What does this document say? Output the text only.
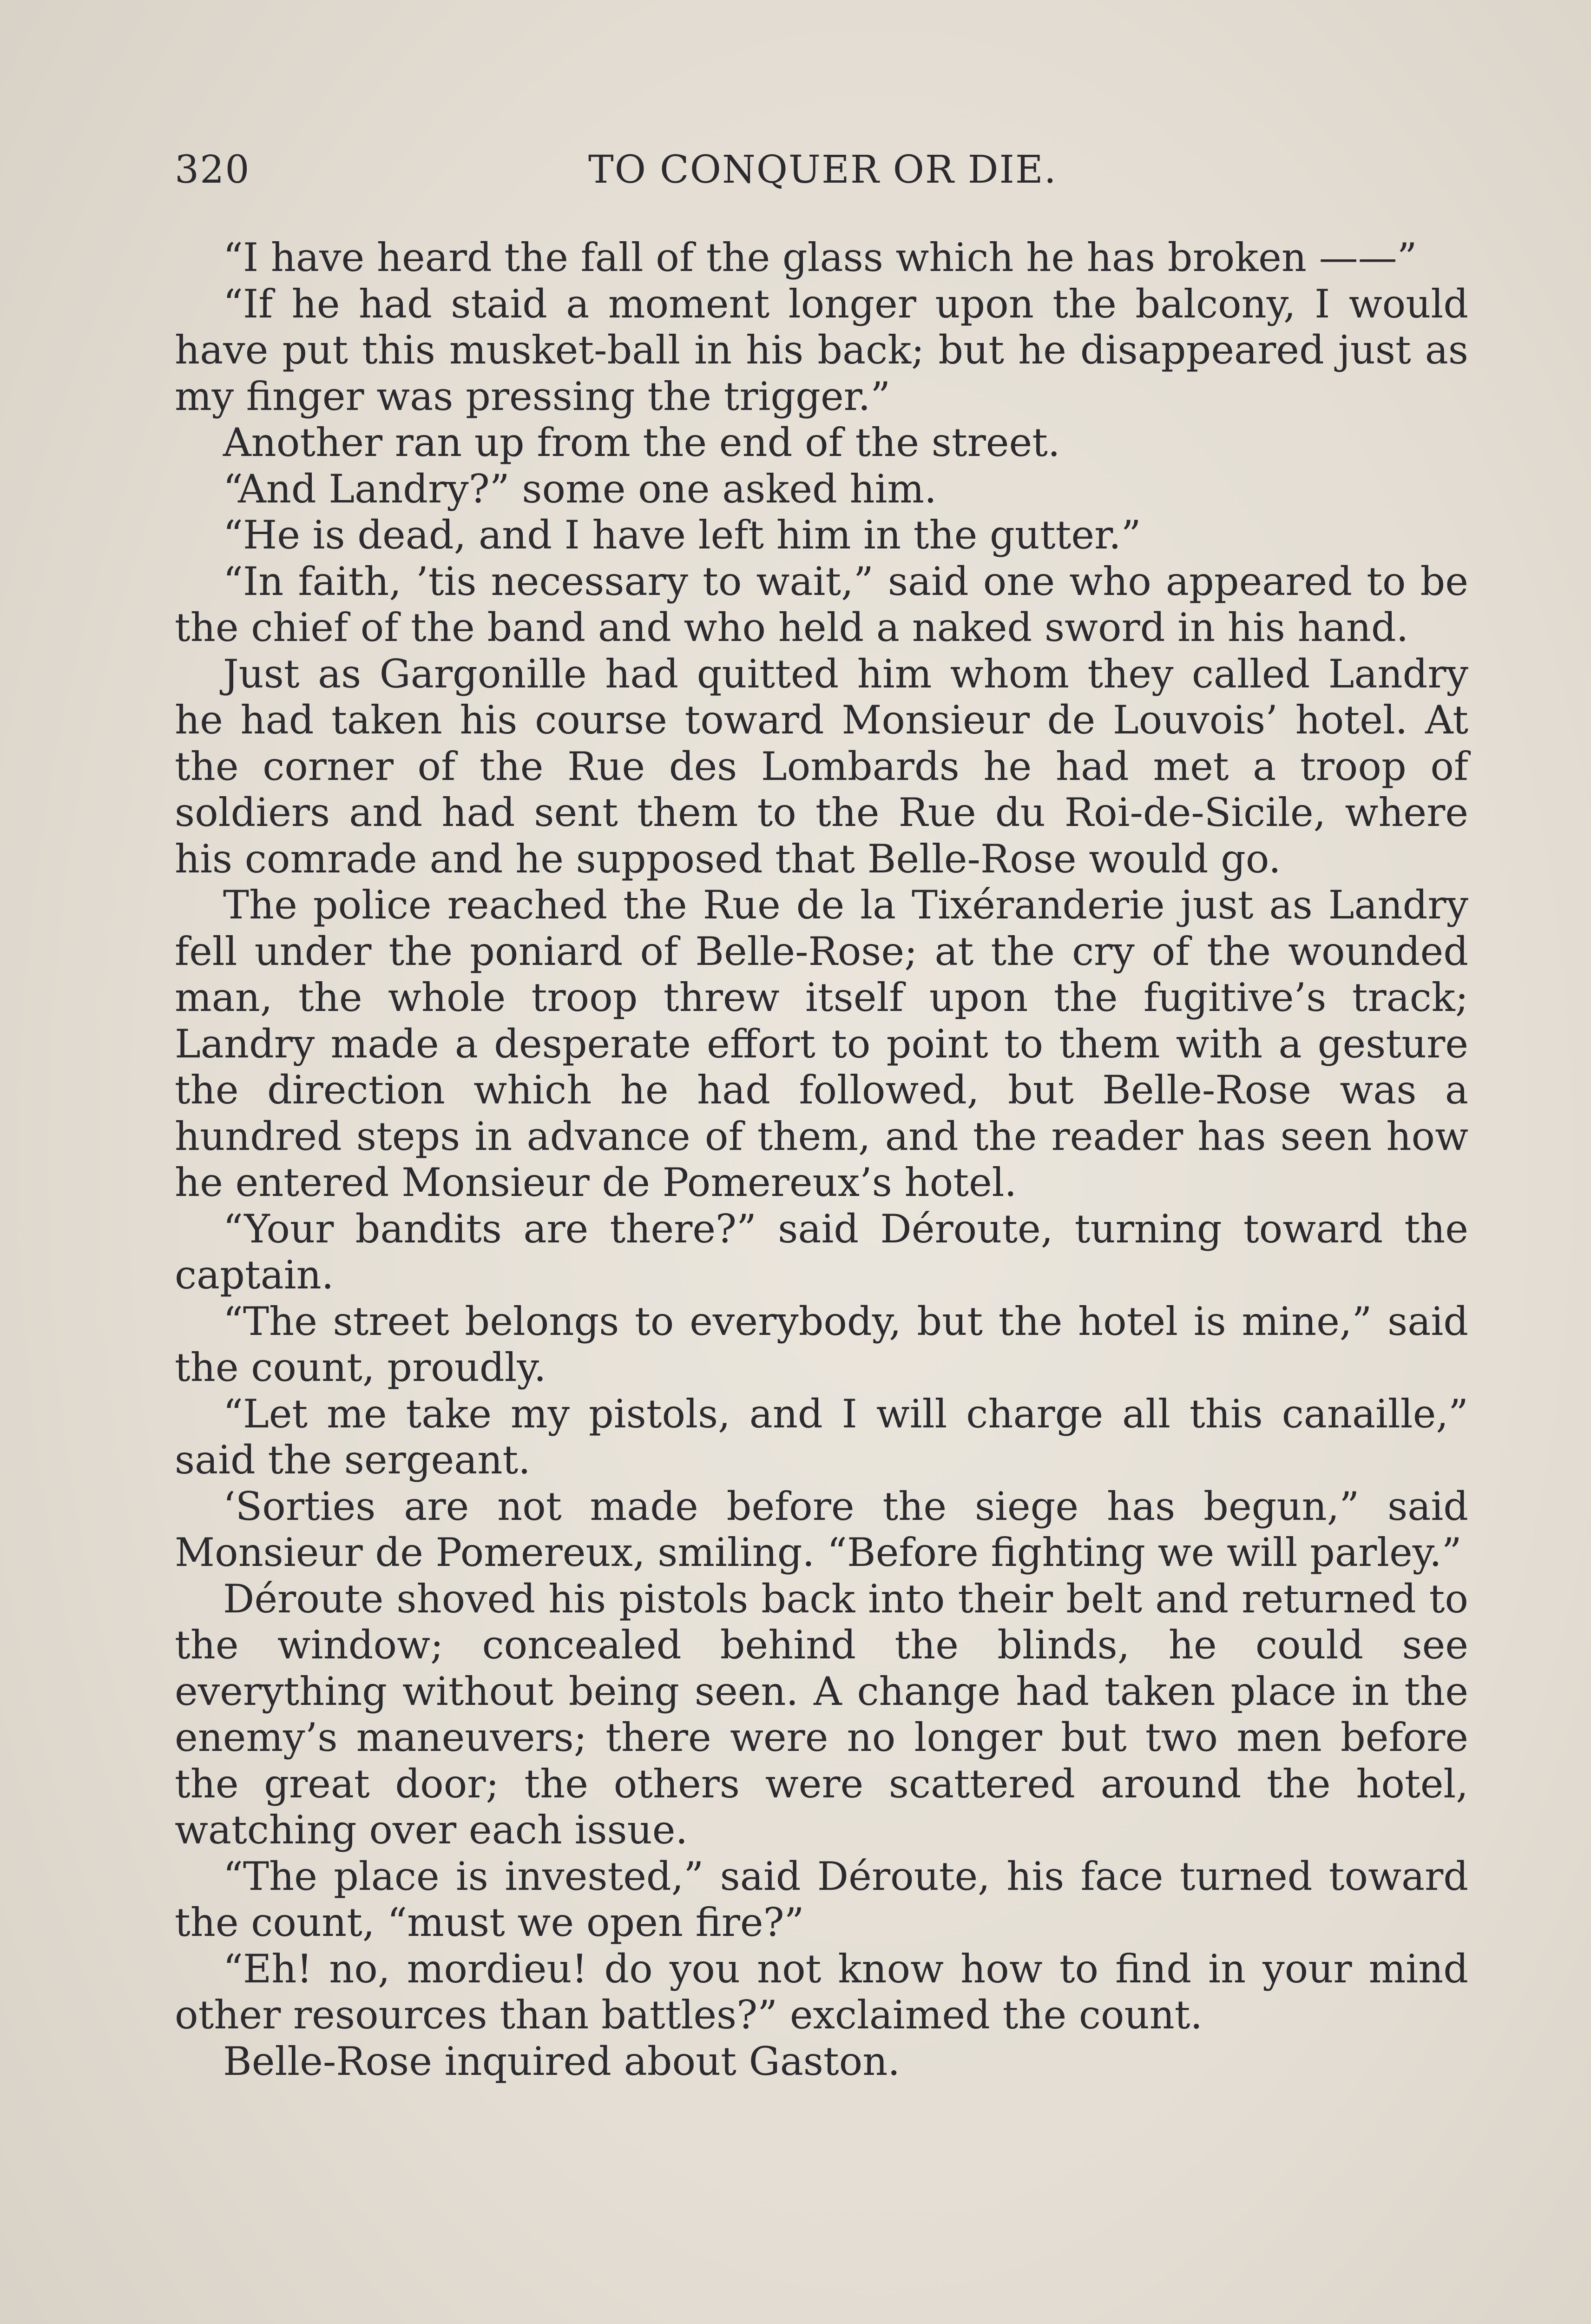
320	TO CONQUER OR DIE.

“I have heard the fall of the glass which he has broken ——”

“If he had staid a moment longer upon the balcony, I would have put this musket-ball in his back; but he disappeared just as my finger was pressing the trigger.”

Another ran up from the end of the street.

“And Landry?” some one asked him.

“He is dead, and I have left him in the gutter.”

“In faith, ’tis necessary to wait,” said one who appeared to be the chief of the band and who held a naked sword in his hand.

Just as Gargonille had quitted him whom they called Landry he had taken his course toward Monsieur de Louvois’ hotel. At the corner of the Rue des Lombards he had met a troop of soldiers and had sent them to the Rue du Roi-de-Sicile, where his comrade and he supposed that Belle-Rose would go.

The police reached the Rue de la Tixéranderie just as Landry fell under the poniard of Belle-Rose; at the cry of the wounded man, the whole troop threw itself upon the fugitive’s track; Landry made a desperate effort to point to them with a gesture the direction which he had followed, but Belle-Rose was a hundred steps in advance of them, and the reader has seen how he entered Monsieur de Pomereux’s hotel.

“Your bandits are there?” said Déroute, turning toward the captain.

“The street belongs to everybody, but the hotel is mine,” said the count, proudly.

“Let me take my pistols, and I will charge all this canaille,” said the sergeant.

‘Sorties are not made before the siege has begun,” said Monsieur de Pomereux, smiling. “Before fighting we will parley.”

Déroute shoved his pistols back into their belt and returned to the window; concealed behind the blinds, he could see everything without being seen. A change had taken place in the enemy’s maneuvers; there were no longer but two men before the great door; the others were scattered around the hotel, watching over each issue.

“The place is invested,” said Déroute, his face turned toward the count, “must we open fire?”

“Eh! no, mordieu! do you not know how to find in your mind other resources than battles?” exclaimed the count.

Belle-Rose inquired about Gaston.
